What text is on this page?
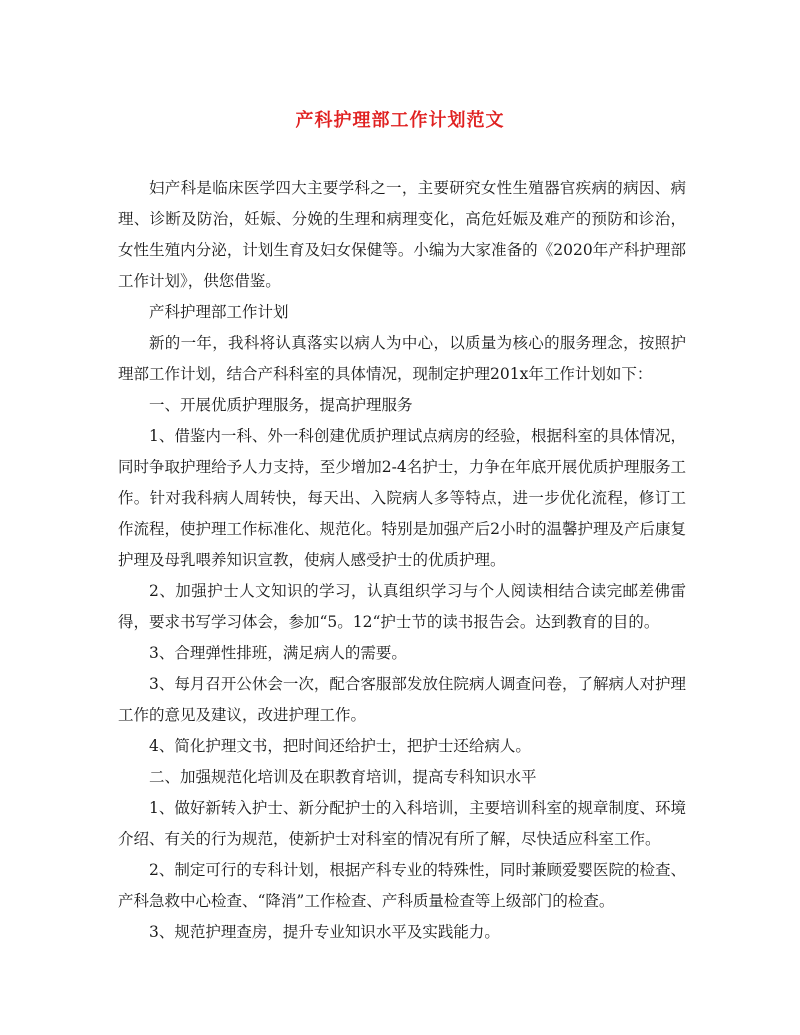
产科护理部工作计划范文

妇产科是临床医学四大主要学科之一，主要研究女性生殖器官疾病的病因、病理、诊断及防治，妊娠、分娩的生理和病理变化，高危妊娠及难产的预防和诊治，女性生殖内分泌，计划生育及妇女保健等。小编为大家准备的《2020年产科护理部工作计划》，供您借鉴。

产科护理部工作计划

新的一年，我科将认真落实以病人为中心，以质量为核心的服务理念，按照护理部工作计划，结合产科科室的具体情况，现制定护理201x年工作计划如下：

一、开展优质护理服务，提高护理服务

1、借鉴内一科、外一科创建优质护理试点病房的经验，根据科室的具体情况，同时争取护理给予人力支持，至少增加2-4名护士，力争在年底开展优质护理服务工作。针对我科病人周转快，每天出、入院病人多等特点，进一步优化流程，修订工作流程，使护理工作标准化、规范化。特别是加强产后2小时的温馨护理及产后康复护理及母乳喂养知识宣教，使病人感受护士的优质护理。

2、加强护士人文知识的学习，认真组织学习与个人阅读相结合读完邮差佛雷得，要求书写学习体会，参加“5。12“护士节的读书报告会。达到教育的目的。

3、合理弹性排班，满足病人的需要。

3、每月召开公休会一次，配合客服部发放住院病人调查问卷，了解病人对护理工作的意见及建议，改进护理工作。

4、简化护理文书，把时间还给护士，把护士还给病人。

二、加强规范化培训及在职教育培训，提高专科知识水平

1、做好新转入护士、新分配护士的入科培训，主要培训科室的规章制度、环境介绍、有关的行为规范，使新护士对科室的情况有所了解，尽快适应科室工作。

2、制定可行的专科计划，根据产科专业的特殊性，同时兼顾爱婴医院的检查、产科急救中心检查、“降消”工作检查、产科质量检查等上级部门的检查。

3、规范护理查房，提升专业知识水平及实践能力。
